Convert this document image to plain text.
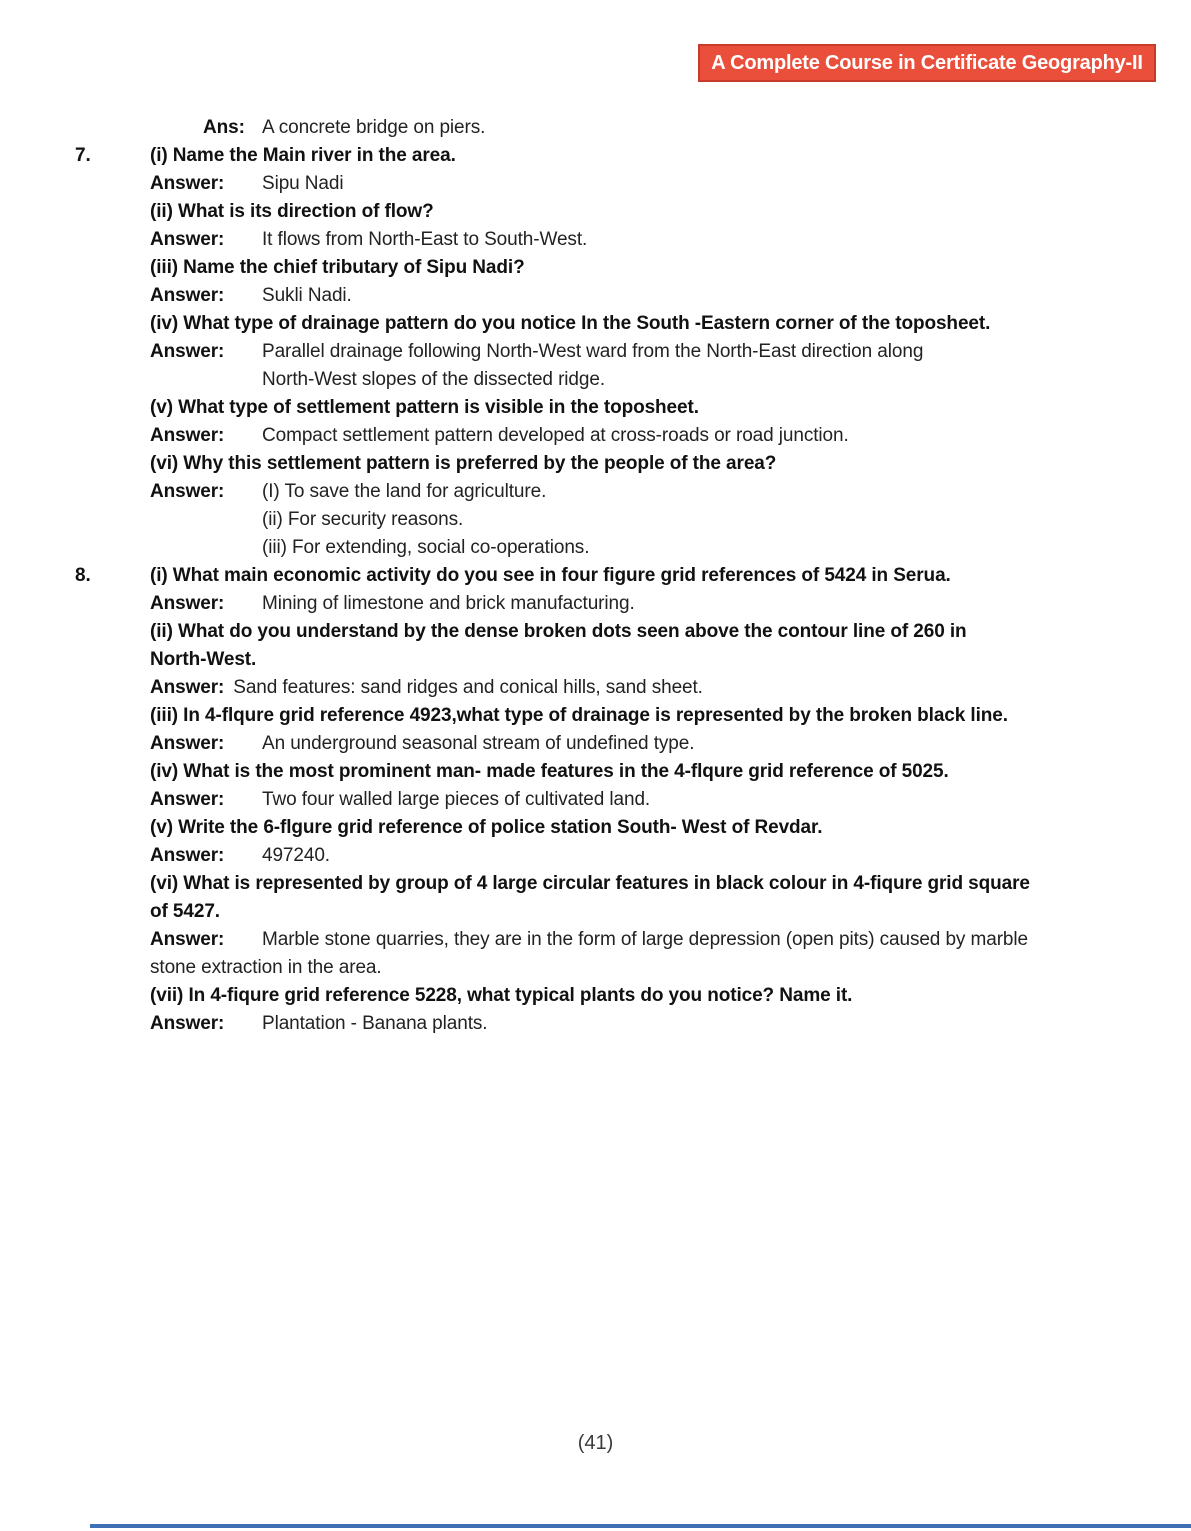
A Complete Course in Certificate Geography-II
Ans: A concrete bridge on piers.
7.	(i) Name the Main river in the area.
Answer: Sipu Nadi
(ii) What is its direction of flow?
Answer: It flows from North-East to South-West.
(iii) Name the chief tributary of Sipu Nadi?
Answer: Sukli Nadi.
(iv) What type of drainage pattern do you notice In the South -Eastern corner of the toposheet.
Answer: Parallel drainage following North-West ward from the North-East direction along
North-West slopes of the dissected ridge.
(v) What type of settlement pattern is visible in the toposheet.
Answer: Compact settlement pattern developed at cross-roads or road junction.
(vi) Why this settlement pattern is preferred by the people of the area?
Answer: (I) To save the land for agriculture.
(ii) For security reasons.
(iii) For extending, social co-operations.
8.	(i) What main economic activity do you see in four figure grid references of 5424 in Serua.
Answer: Mining of limestone and brick manufacturing.
(ii) What do you understand by the dense broken dots seen above the contour line of 260 in
North-West.
Answer: Sand features: sand ridges and conical hills, sand sheet.
(iii) In 4-flqure grid reference 4923,what type of drainage is represented by the broken black line.
Answer: An underground seasonal stream of undefined type.
(iv) What is the most prominent man- made features in the 4-flqure grid reference of 5025.
Answer: Two four walled large pieces of cultivated land.
(v) Write the 6-flgure grid reference of police station South- West of Revdar.
Answer: 497240.
(vi) What is represented by group of 4 large circular features in black colour in 4-fiqure grid square
of 5427.
Answer: Marble stone quarries, they are in the form of large depression (open pits) caused by marble
stone extraction in the area.
(vii) In 4-fiqure grid reference 5228, what typical plants do you notice? Name it.
Answer: Plantation - Banana plants.
(41)
